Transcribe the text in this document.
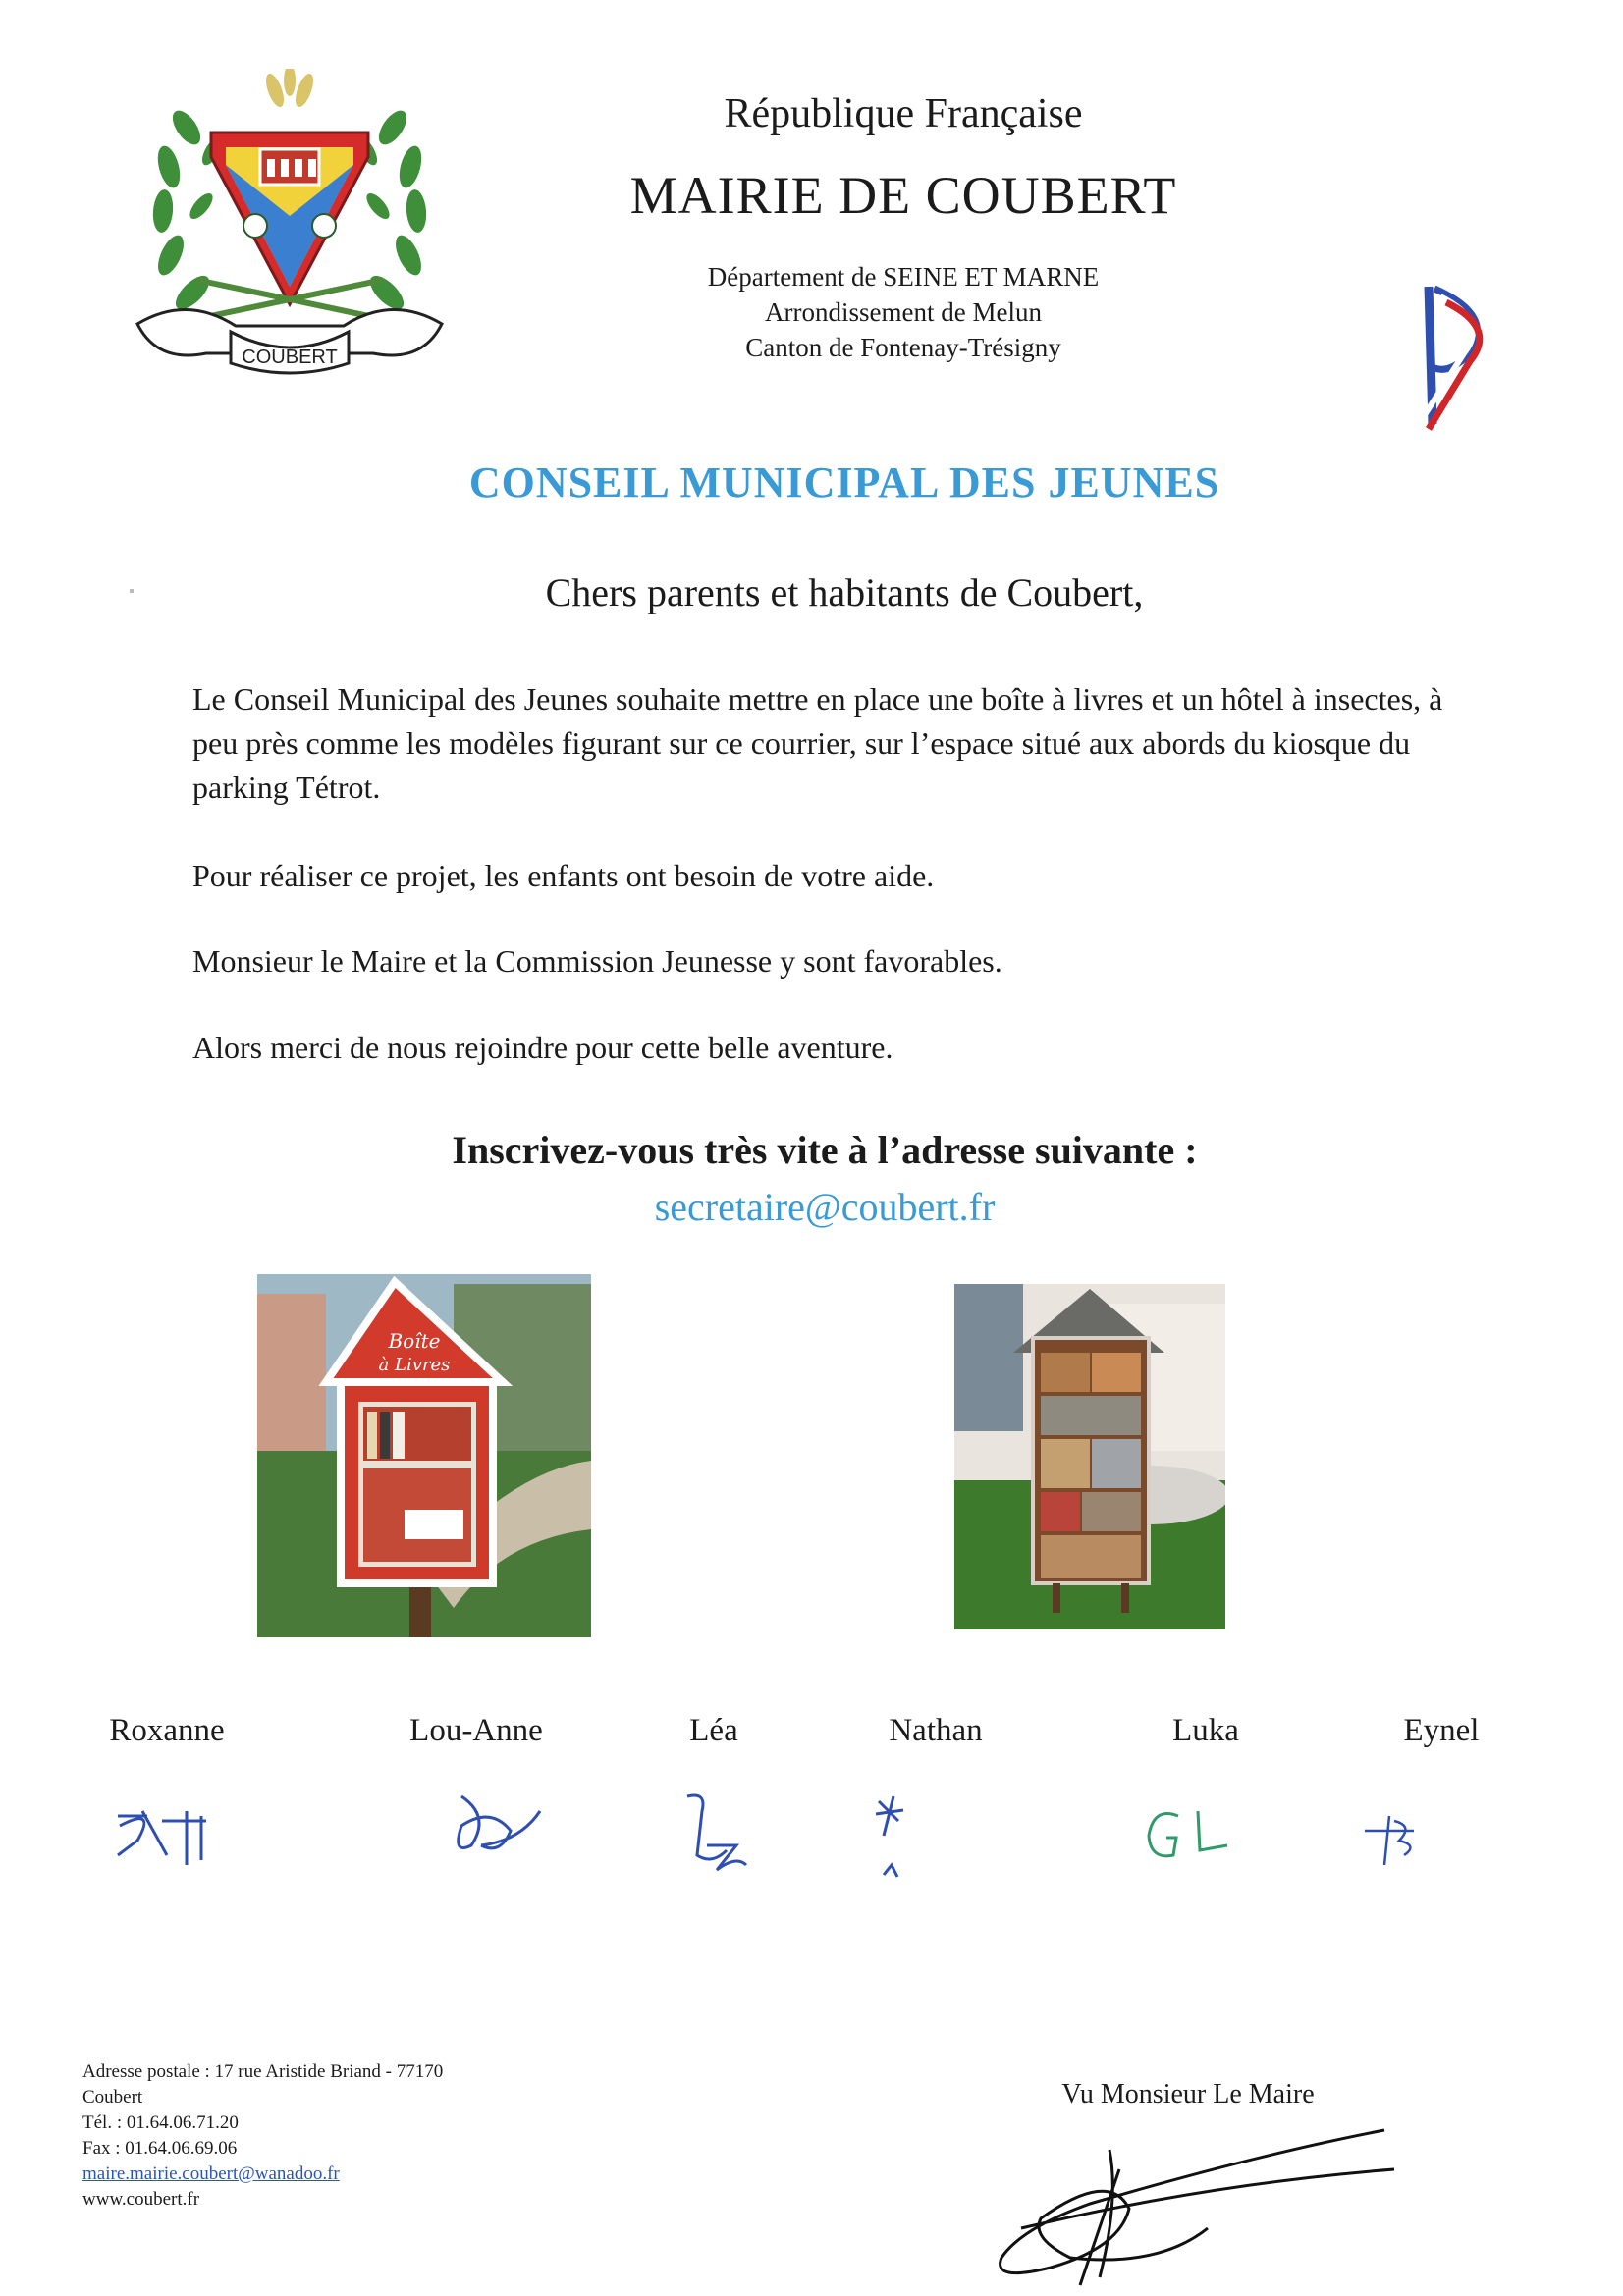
COUBERT
République Française
MAIRIE DE COUBERT
Département de SEINE ET MARNE
Arrondissement de Melun
Canton de Fontenay-Trésigny
CONSEIL MUNICIPAL DES JEUNES
Chers parents et habitants de Coubert,
Le Conseil Municipal des Jeunes souhaite mettre en place une boîte à livres et un hôtel à insectes, à peu près comme les modèles figurant sur ce courrier, sur l’espace situé aux abords du kiosque du parking Tétrot.
Pour réaliser ce projet, les enfants ont besoin de votre aide.
Monsieur le Maire et la Commission Jeunesse y sont favorables.
Alors merci de nous rejoindre pour cette belle aventure.
Inscrivez-vous très vite à l’adresse suivante :
secretaire@coubert.fr
Boîte
à Livres
Roxanne	Lou-Anne	Léa	Nathan	Luka	Eynel
Adresse postale : 17 rue Aristide Briand - 77170
Coubert
Tél. : 01.64.06.71.20
Fax : 01.64.06.69.06
maire.mairie.coubert@wanadoo.fr
www.coubert.fr
Vu Monsieur Le Maire
